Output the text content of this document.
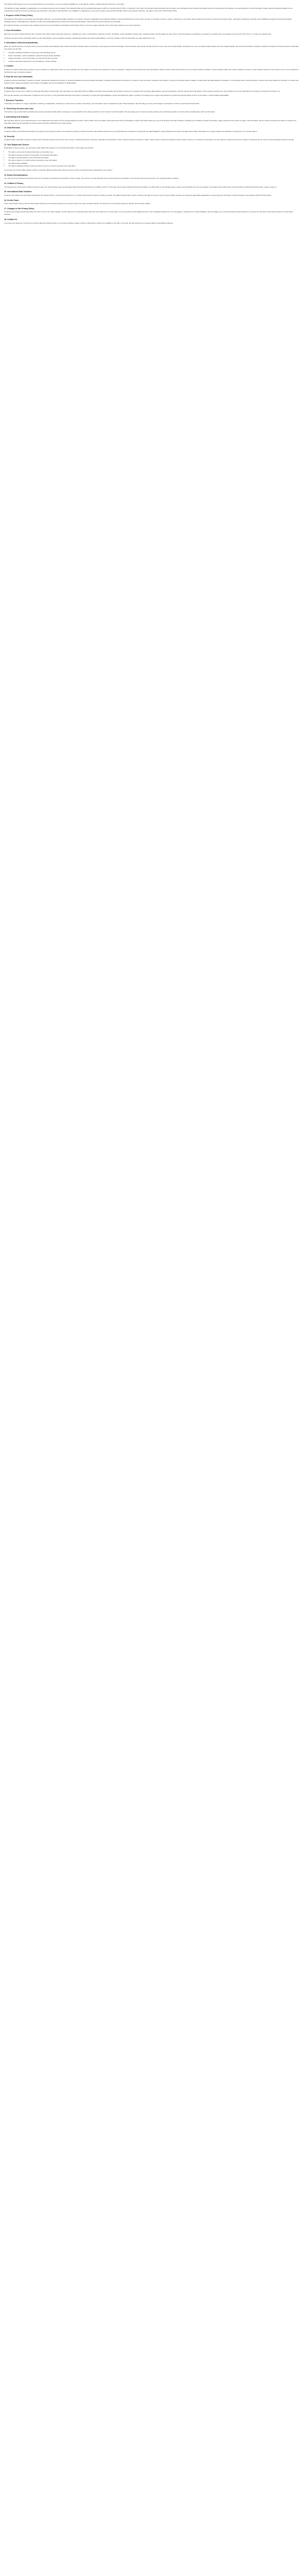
This Privacy Policy governs your use of Services that we may provide to you at our website (available at ) or through the mobile or desktop app (the 'Services' or the 'Site').

The Website is made available by applications on our website referred to as ('Company'). By visiting the Site and by providing information to which our services refer to ('We' or 'Company' or the 'Site'), this Privacy Policy describes how we collect, use and disclose your Personal Information and your choices about the collection, use and disclosure of such information. Please read the following carefully so you understand our policies and how we will treat your information, and make it clear that there is no obligation or requirement on your part to share your personal information with us. By using the Services, you agree to the terms of this Privacy Policy.

1. Purpose of this Privacy Policy

The purpose of this policy is to lay down the information collection, use and dissemination practices of Company. It governs applications and registered software, technical infrastructure and any other services. A 'Company' content or visitor is referred to in connection with Company and all other services that Company offers. Information collected by Company and its Affiliates comprises 'Personal Information' (including names, email addresses, telephone numbers and postal addresses) as well as 'Non-Personal Information', which cannot be used to identify you personally.

By using the Services you consent to the collection and use of your information as described in this Privacy Policy. If you do not agree with the terms of this policy, please do not use the Services.

2. User Information

Each time you visit or interact with the Site, Company may collect certain information about you, including your name, email address, telephone number, IP address, device identifiers, browser type, operating system and the pages you view. Some of this information is provided by you directly, for example when you register for an account, fill in a form, or contact our support team.

Company may also receive information about you from third parties, such as analytics providers, advertising networks and social media platforms, and may combine it with the information we collect directly from you.

3. Information Collected Automatically

When you use the Services, Company and its service providers automatically collect certain information through cookies, web beacons, pixel tags and similar technologies. This information may include the date and time of your visit, the referring website, the features you use, your approximate location and other usage statistics. We use this information to operate, maintain and improve the Services and to understand how visitors use the Site.

• Log data, including IP address, browser type and operating system;
• Device information, such as hardware model and unique device identifiers;
• Usage information, such as the pages you visit and the links you click;
• Location information derived from your IP address or device settings.
4. Cookies

Cookies are small text files that are placed on your computer or mobile device when you visit a website. We use cookies to remember your preferences, keep you signed in, analyse how the Services are used and deliver relevant content. Most web browsers are set to accept cookies by default. You can usually modify your browser settings to remove or reject cookies; however, if you choose to do so, some features of the Services may not function properly.

5. How We Use Your Information

Company uses the information it collects to provide, operate and maintain the Services; to process transactions and send related information, including confirmations and invoices; to respond to your comments, questions and requests; to send you technical notices, updates, security alerts and administrative messages; to communicate with you about products, services and events offered by Company; to monitor and analyse trends, usage and activities; and to detect, investigate and prevent fraudulent or illegal activity.

6. Sharing of Information

Company does not sell, rent or trade your Personal Information to third parties. We may share your information with our Affiliates and with service providers who perform services on our behalf, such as hosting, data analysis, payment processing, customer service and email delivery. These service providers are only permitted to use your information as necessary to provide the services to us.

We may also disclose your information if required to do so by law, or in the good-faith belief that such action is necessary to comply with legal obligations, protect and defend the rights or property of Company, act in urgent circumstances to protect the personal safety of users or the public, or protect against legal liability.

7. Business Transfers

If Company is involved in a merger, acquisition, financing, reorganisation, bankruptcy or sale of all or a portion of its assets, your information may be transferred as part of that transaction. We will notify you of any such change in ownership or control of your Personal Information.

8. Third-Party Services and Links

The Services may contain links to websites and services operated by third parties. Company is not responsible for the privacy practices or the content of such third parties. We encourage you to review the privacy policies of any third-party website or service before providing them with any information.

9. Advertising and Analytics

We may allow others to serve advertisements on our behalf across the internet and to provide analytics services. These entities may use cookies, web beacons and other technologies to collect information about your use of the Services and other websites, including your IP address, browser information, pages viewed and time spent on pages. This information may be used by Company and others to analyse and track data, determine the popularity of certain content and better understand your online activity.

10. Data Retention

Company retains your Personal Information for as long as your account is active or as needed to provide you with the Services. We will also retain and use your information as necessary to comply with our legal obligations, resolve disputes and enforce our agreements. When information is no longer required, we will delete or anonymise it in a secure manner.

11. Security

Company takes reasonable measures to help protect information about you from loss, theft, misuse, unauthorised access, disclosure, alteration and destruction. These measures include encryption of data in transit, access controls and regular security reviews. However, no method of transmission over the internet or method of electronic storage is completely secure, and we cannot guarantee absolute security.

12. Your Rights and Choices

Depending on where you live, you may have certain rights with respect to your Personal Information. These rights may include:

• The right to access the Personal Information we hold about you;
• The right to request correction of inaccurate or incomplete information;
• The right to request deletion of your Personal Information;
• The right to object to or restrict certain processing of your information;
• The right to data portability;
• The right to withdraw consent at any time where we rely on consent to process your information.

To exercise any of these rights, please contact us using the details provided below. We may need to verify your identity before responding to your request.

13. Email Communications

You may opt out of receiving promotional emails from Company by following the instructions in those emails. If you opt out, we may still send you non-promotional communications, such as those about your account or our ongoing business relations.

14. Children's Privacy

The Services are not directed to children under the age of 13, and Company does not knowingly collect Personal Information from children under 13. If we learn that we have collected Personal Information of a child under 13, we will take steps to delete such information as soon as possible. If you believe that a child under 13 has provided us with Personal Information, please contact us.

15. International Data Transfers

Company may transfer the information described in this Privacy Policy to, and process and store it in, countries other than the country in which you reside. The data protection laws in these countries may differ from those of your country. Where required, we implement appropriate safeguards to ensure that your information remains protected in accordance with this Privacy Policy.

16. Do Not Track

Some web browsers have a 'Do Not Track' feature that lets you tell websites that you do not want to have your online activities tracked. The Services do not currently respond to browser 'Do Not Track' signals.

17. Changes to this Privacy Policy

Company may change this Privacy Policy from time to time. If we make changes, we will notify you by revising the date at the top of the policy and, in some cases, we may provide you with additional notice, such as adding a statement to our homepage or sending you an email notification. We encourage you to review the Privacy Policy whenever you access the Services to stay informed about our information practices.

18. Contact Us

If you have any questions, comments or concerns about this Privacy Policy or our privacy practices, please contact us through the contact form available on the Site or by email. We will respond to your request within a reasonable timeframe.
